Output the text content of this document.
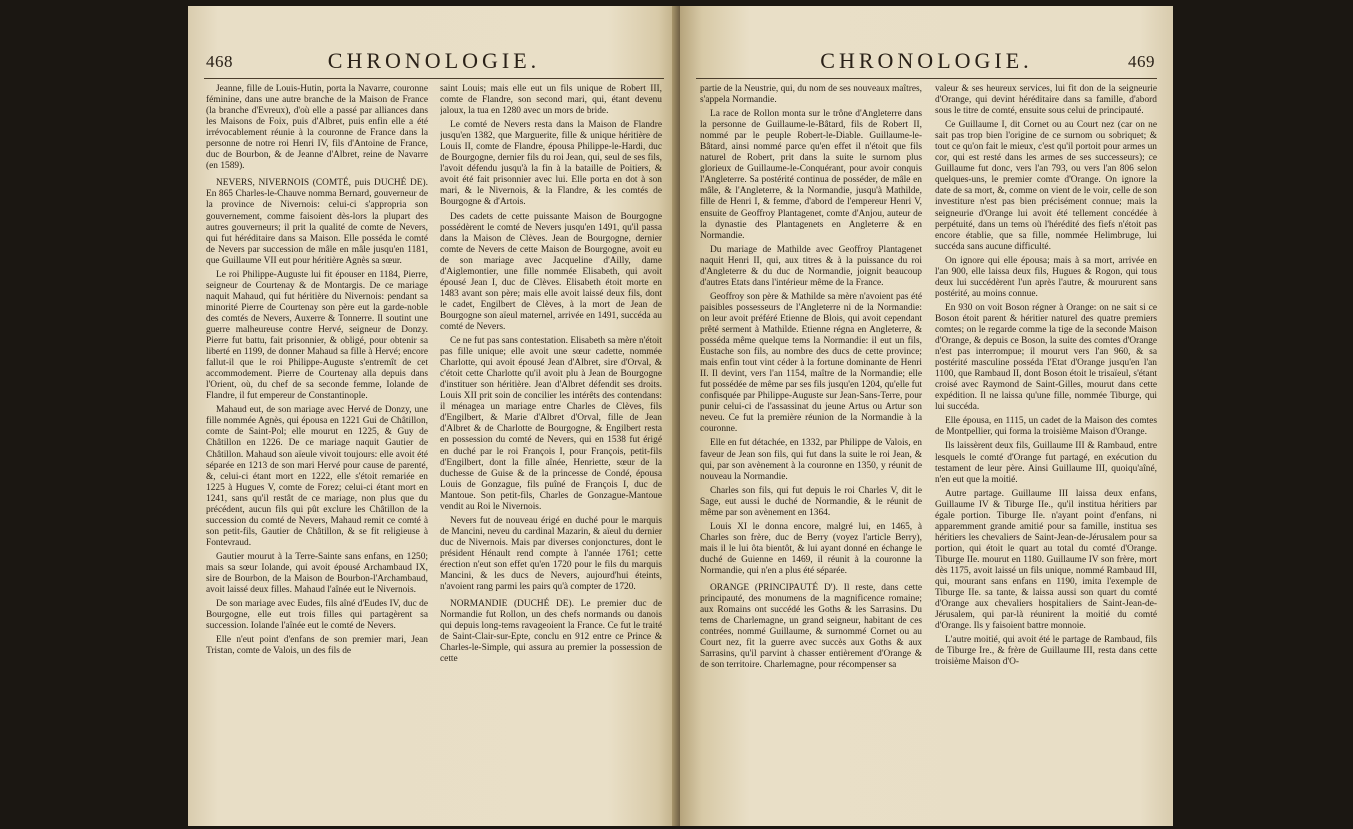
468	CHRONOLOGIE.

Jeanne, fille de Louis-Hutin, porta la Navarre, couronne féminine, dans une autre branche de la Maison de France (la branche d'Evreux), d'où elle a passé par alliances dans les Maisons de Foix, puis d'Albret, puis enfin elle a été irrévocablement réunie à la couronne de France dans la personne de notre roi Henri IV, fils d'Antoine de France, duc de Bourbon, & de Jeanne d'Albret, reine de Navarre (en 1589).

NEVERS, NIVERNOIS (COMTÉ, puis DUCHÉ DE). En 865 Charles-le-Chauve nomma Bernard, gouverneur de la province de Nivernois: celui-ci s'appropria son gouvernement, comme faisoient dès-lors la plupart des autres gouverneurs; il prit la qualité de comte de Nevers, qui fut héréditaire dans sa Maison. Elle posséda le comté de Nevers par succession de mâle en mâle jusqu'en 1181, que Guillaume VII eut pour héritière Agnès sa sœur.

Le roi Philippe-Auguste lui fit épouser en 1184, Pierre, seigneur de Courtenay & de Montargis. De ce mariage naquit Mahaud, qui fut héritière du Nivernois: pendant sa minorité Pierre de Courtenay son père eut la garde-noble des comtés de Nevers, Auxerre & Tonnerre. Il soutint une guerre malheureuse contre Hervé, seigneur de Donzy. Pierre fut battu, fait prisonnier, & obligé, pour obtenir sa liberté en 1199, de donner Mahaud sa fille à Hervé; encore fallut-il que le roi Philippe-Auguste s'entremît de cet accommodement. Pierre de Courtenay alla depuis dans l'Orient, où, du chef de sa seconde femme, Iolande de Flandre, il fut empereur de Constantinople.

Mahaud eut, de son mariage avec Hervé de Donzy, une fille nommée Agnès, qui épousa en 1221 Gui de Châtillon, comte de Saint-Pol; elle mourut en 1225, & Guy de Châtillon en 1226. De ce mariage naquit Gautier de Châtillon. Mahaud son aïeule vivoit toujours: elle avoit été séparée en 1213 de son mari Hervé pour cause de parenté, &, celui-ci étant mort en 1222, elle s'étoit remariée en 1225 à Hugues V, comte de Forez; celui-ci étant mort en 1241, sans qu'il restât de ce mariage, non plus que du précédent, aucun fils qui pût exclure les Châtillon de la succession du comté de Nevers, Mahaud remit ce comté à son petit-fils, Gautier de Châtillon, & se fit religieuse à Fontevraud.

Gautier mourut à la Terre-Sainte sans enfans, en 1250; mais sa sœur Iolande, qui avoit épousé Archambaud IX, sire de Bourbon, de la Maison de Bourbon-l'Archambaud, avoit laissé deux filles. Mahaud l'aînée eut le Nivernois.

De son mariage avec Eudes, fils aîné d'Eudes IV, duc de Bourgogne, elle eut trois filles qui partagèrent sa succession. Iolande l'aînée eut le comté de Nevers.

Elle n'eut point d'enfans de son premier mari, Jean Tristan, comte de Valois, un des fils de

saint Louis; mais elle eut un fils unique de Robert III, comte de Flandre, son second mari, qui, étant devenu jaloux, la tua en 1280 avec un mors de bride.

Le comté de Nevers resta dans la Maison de Flandre jusqu'en 1382, que Marguerite, fille & unique héritière de Louis II, comte de Flandre, épousa Philippe-le-Hardi, duc de Bourgogne, dernier fils du roi Jean, qui, seul de ses fils, l'avoit défendu jusqu'à la fin à la bataille de Poitiers, & avoit été fait prisonnier avec lui. Elle porta en dot à son mari, & le Nivernois, & la Flandre, & les comtés de Bourgogne & d'Artois.

Des cadets de cette puissante Maison de Bourgogne possédèrent le comté de Nevers jusqu'en 1491, qu'il passa dans la Maison de Clèves. Jean de Bourgogne, dernier comte de Nevers de cette Maison de Bourgogne, avoit eu de son mariage avec Jacqueline d'Ailly, dame d'Aiglemontier, une fille nommée Elisabeth, qui avoit épousé Jean I, duc de Clèves. Elisabeth étoit morte en 1483 avant son père; mais elle avoit laissé deux fils, dont le cadet, Engilbert de Clèves, à la mort de Jean de Bourgogne son aïeul maternel, arrivée en 1491, succéda au comté de Nevers.

Ce ne fut pas sans contestation. Elisabeth sa mère n'étoit pas fille unique; elle avoit une sœur cadette, nommée Charlotte, qui avoit épousé Jean d'Albret, sire d'Orval, & c'étoit cette Charlotte qu'il avoit plu à Jean de Bourgogne d'instituer son héritière. Jean d'Albret défendit ses droits. Louis XII prit soin de concilier les intérêts des contendans: il ménagea un mariage entre Charles de Clèves, fils d'Engilbert, & Marie d'Albret d'Orval, fille de Jean d'Albret & de Charlotte de Bourgogne, & Engilbert resta en possession du comté de Nevers, qui en 1538 fut érigé en duché par le roi François I, pour François, petit-fils d'Engilbert, dont la fille aînée, Henriette, sœur de la duchesse de Guise & de la princesse de Condé, épousa Louis de Gonzague, fils puîné de François I, duc de Mantoue. Son petit-fils, Charles de Gonzague-Mantoue vendit au Roi le Nivernois.

Nevers fut de nouveau érigé en duché pour le marquis de Mancini, neveu du cardinal Mazarin, & aïeul du dernier duc de Nivernois. Mais par diverses conjonctures, dont le président Hénault rend compte à l'année 1761; cette érection n'eut son effet qu'en 1720 pour le fils du marquis Mancini, & les ducs de Nevers, aujourd'hui éteints, n'avoient rang parmi les pairs qu'à compter de 1720.

NORMANDIE (DUCHÉ DE). Le premier duc de Normandie fut Rollon, un des chefs normands ou danois qui depuis long-tems ravageoient la France. Ce fut le traité de Saint-Clair-sur-Epte, conclu en 912 entre ce Prince & Charles-le-Simple, qui assura au premier la possession de cette

CHRONOLOGIE.	469

partie de la Neustrie, qui, du nom de ses nouveaux maîtres, s'appela Normandie.

La race de Rollon monta sur le trône d'Angleterre dans la personne de Guillaume-le-Bâtard, fils de Robert II, nommé par le peuple Robert-le-Diable. Guillaume-le-Bâtard, ainsi nommé parce qu'en effet il n'étoit que fils naturel de Robert, prit dans la suite le surnom plus glorieux de Guillaume-le-Conquérant, pour avoir conquis l'Angleterre. Sa postérité continua de posséder, de mâle en mâle, & l'Angleterre, & la Normandie, jusqu'à Mathilde, fille de Henri I, & femme, d'abord de l'empereur Henri V, ensuite de Geoffroy Plantagenet, comte d'Anjou, auteur de la dynastie des Plantagenets en Angleterre & en Normandie.

Du mariage de Mathilde avec Geoffroy Plantagenet naquit Henri II, qui, aux titres & à la puissance du roi d'Angleterre & du duc de Normandie, joignit beaucoup d'autres Etats dans l'intérieur même de la France.

Geoffroy son père & Mathilde sa mère n'avoient pas été paisibles possesseurs de l'Angleterre ni de la Normandie: on leur avoit préféré Etienne de Blois, qui avoit cependant prêté serment à Mathilde. Etienne régna en Angleterre, & posséda même quelque tems la Normandie: il eut un fils, Eustache son fils, au nombre des ducs de cette province; mais enfin tout vint céder à la fortune dominante de Henri II. Il devint, vers l'an 1154, maître de la Normandie; elle fut possédée de même par ses fils jusqu'en 1204, qu'elle fut confisquée par Philippe-Auguste sur Jean-Sans-Terre, pour punir celui-ci de l'assassinat du jeune Artus ou Artur son neveu. Ce fut la première réunion de la Normandie à la couronne.

Elle en fut détachée, en 1332, par Philippe de Valois, en faveur de Jean son fils, qui fut dans la suite le roi Jean, & qui, par son avènement à la couronne en 1350, y réunit de nouveau la Normandie.

Charles son fils, qui fut depuis le roi Charles V, dit le Sage, eut aussi le duché de Normandie, & le réunit de même par son avènement en 1364.

Louis XI le donna encore, malgré lui, en 1465, à Charles son frère, duc de Berry (voyez l'article Berry), mais il le lui ôta bientôt, & lui ayant donné en échange le duché de Guienne en 1469, il réunit à la couronne la Normandie, qui n'en a plus été séparée.

ORANGE (PRINCIPAUTÉ D'). Il reste, dans cette principauté, des monumens de la magnificence romaine; aux Romains ont succédé les Goths & les Sarrasins. Du tems de Charlemagne, un grand seigneur, habitant de ces contrées, nommé Guillaume, & surnommé Cornet ou au Court nez, fit la guerre avec succès aux Goths & aux Sarrasins, qu'il parvint à chasser entièrement d'Orange & de son territoire. Charlemagne, pour récompenser sa

valeur & ses heureux services, lui fit don de la seigneurie d'Orange, qui devint héréditaire dans sa famille, d'abord sous le titre de comté, ensuite sous celui de principauté.

Ce Guillaume I, dit Cornet ou au Court nez (car on ne sait pas trop bien l'origine de ce surnom ou sobriquet; & tout ce qu'on fait le mieux, c'est qu'il portoit pour armes un cor, qui est resté dans les armes de ses successeurs); ce Guillaume fut donc, vers l'an 793, ou vers l'an 806 selon quelques-uns, le premier comte d'Orange. On ignore la date de sa mort, &, comme on vient de le voir, celle de son investiture n'est pas bien précisément connue; mais la seigneurie d'Orange lui avoit été tellement concédée à perpétuité, dans un tems où l'hérédité des fiefs n'étoit pas encore établie, que sa fille, nommée Helimbruge, lui succéda sans aucune difficulté.

On ignore qui elle épousa; mais à sa mort, arrivée en l'an 900, elle laissa deux fils, Hugues & Rogon, qui tous deux lui succédèrent l'un après l'autre, & moururent sans postérité, au moins connue.

En 930 on voit Boson régner à Orange: on ne sait si ce Boson étoit parent & héritier naturel des quatre premiers comtes; on le regarde comme la tige de la seconde Maison d'Orange, & depuis ce Boson, la suite des comtes d'Orange n'est pas interrompue; il mourut vers l'an 960, & sa postérité masculine posséda l'Etat d'Orange jusqu'en l'an 1100, que Rambaud II, dont Boson étoit le trisaïeul, s'étant croisé avec Raymond de Saint-Gilles, mourut dans cette expédition. Il ne laissa qu'une fille, nommée Tiburge, qui lui succéda.

Elle épousa, en 1115, un cadet de la Maison des comtes de Montpellier, qui forma la troisième Maison d'Orange.

Ils laissèrent deux fils, Guillaume III & Rambaud, entre lesquels le comté d'Orange fut partagé, en exécution du testament de leur père. Ainsi Guillaume III, quoiqu'aîné, n'en eut que la moitié.

Autre partage. Guillaume III laissa deux enfans, Guillaume IV & Tiburge IIe., qu'il institua héritiers par égale portion. Tiburge IIe. n'ayant point d'enfans, ni apparemment grande amitié pour sa famille, institua ses héritiers les chevaliers de Saint-Jean-de-Jérusalem pour sa portion, qui étoit le quart au total du comté d'Orange. Tiburge IIe. mourut en 1180. Guillaume IV son frère, mort dès 1175, avoit laissé un fils unique, nommé Rambaud III, qui, mourant sans enfans en 1190, imita l'exemple de Tiburge IIe. sa tante, & laissa aussi son quart du comté d'Orange aux chevaliers hospitaliers de Saint-Jean-de-Jérusalem, qui par-là réunirent la moitié du comté d'Orange. Ils y faisoient battre monnoie.

L'autre moitié, qui avoit été le partage de Rambaud, fils de Tiburge Ire., & frère de Guillaume III, resta dans cette troisième Maison d'O-
